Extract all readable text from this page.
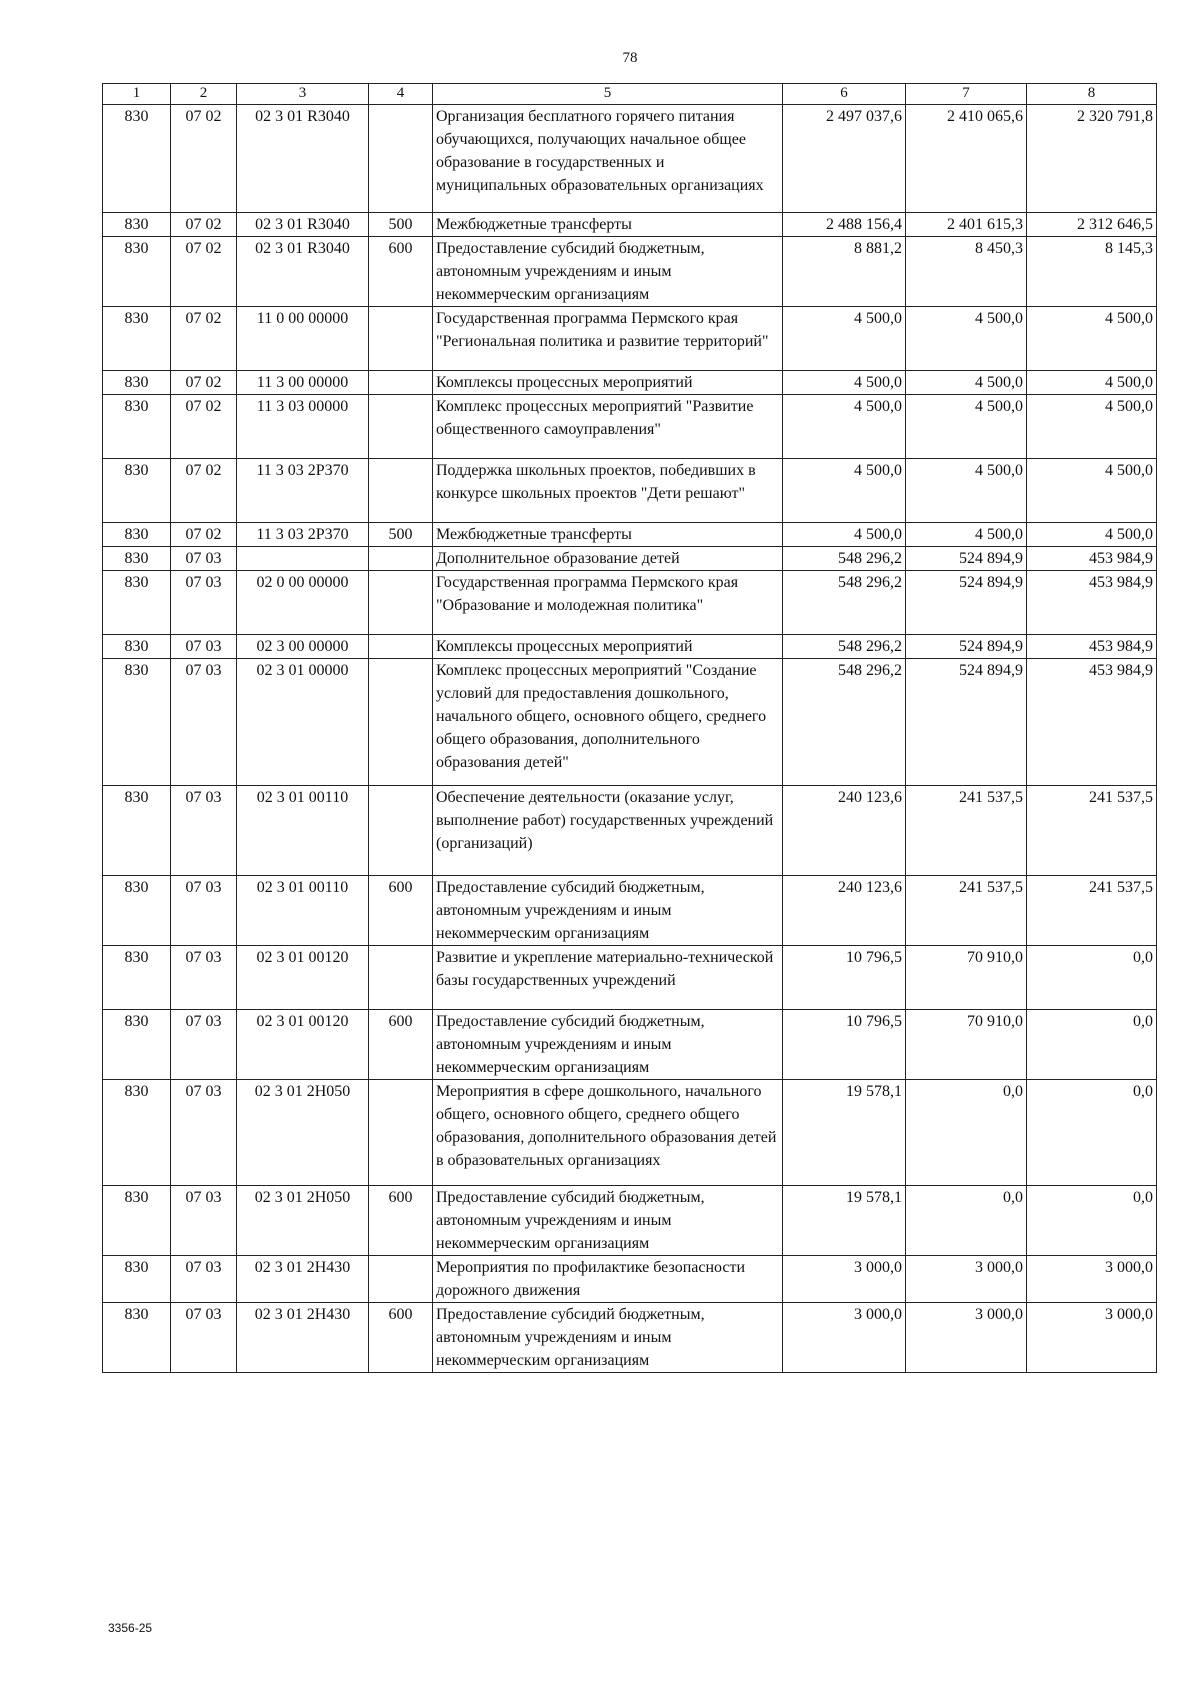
78
1	2	3	4	5	6	7	8
830	07 02	02 3 01 R3040		Организация бесплатного горячего питания обучающихся, получающих начальное общее образование в государственных и муниципальных образовательных организациях	2 497 037,6	2 410 065,6	2 320 791,8
830	07 02	02 3 01 R3040	500	Межбюджетные трансферты	2 488 156,4	2 401 615,3	2 312 646,5
830	07 02	02 3 01 R3040	600	Предоставление субсидий бюджетным, автономным учреждениям и иным некоммерческим организациям	8 881,2	8 450,3	8 145,3
830	07 02	11 0 00 00000		Государственная программа Пермского края "Региональная политика и развитие территорий"	4 500,0	4 500,0	4 500,0
830	07 02	11 3 00 00000		Комплексы процессных мероприятий	4 500,0	4 500,0	4 500,0
830	07 02	11 3 03 00000		Комплекс процессных мероприятий "Развитие общественного самоуправления"	4 500,0	4 500,0	4 500,0
830	07 02	11 3 03 2P370		Поддержка школьных проектов, победивших в конкурсе школьных проектов "Дети решают"	4 500,0	4 500,0	4 500,0
830	07 02	11 3 03 2P370	500	Межбюджетные трансферты	4 500,0	4 500,0	4 500,0
830	07 03			Дополнительное образование детей	548 296,2	524 894,9	453 984,9
830	07 03	02 0 00 00000		Государственная программа Пермского края "Образование и молодежная политика"	548 296,2	524 894,9	453 984,9
830	07 03	02 3 00 00000		Комплексы процессных мероприятий	548 296,2	524 894,9	453 984,9
830	07 03	02 3 01 00000		Комплекс процессных мероприятий "Создание условий для предоставления дошкольного, начального общего, основного общего, среднего общего образования, дополнительного образования детей"	548 296,2	524 894,9	453 984,9
830	07 03	02 3 01 00110		Обеспечение деятельности (оказание услуг, выполнение работ) государственных учреждений (организаций)	240 123,6	241 537,5	241 537,5
830	07 03	02 3 01 00110	600	Предоставление субсидий бюджетным, автономным учреждениям и иным некоммерческим организациям	240 123,6	241 537,5	241 537,5
830	07 03	02 3 01 00120		Развитие и укрепление материально-технической базы государственных учреждений	10 796,5	70 910,0	0,0
830	07 03	02 3 01 00120	600	Предоставление субсидий бюджетным, автономным учреждениям и иным некоммерческим организациям	10 796,5	70 910,0	0,0
830	07 03	02 3 01 2H050		Мероприятия в сфере дошкольного, начального общего, основного общего, среднего общего образования, дополнительного образования детей в образовательных организациях	19 578,1	0,0	0,0
830	07 03	02 3 01 2H050	600	Предоставление субсидий бюджетным, автономным учреждениям и иным некоммерческим организациям	19 578,1	0,0	0,0
830	07 03	02 3 01 2H430		Мероприятия по профилактике безопасности дорожного движения	3 000,0	3 000,0	3 000,0
830	07 03	02 3 01 2H430	600	Предоставление субсидий бюджетным, автономным учреждениям и иным некоммерческим организациям	3 000,0	3 000,0	3 000,0
3356-25
